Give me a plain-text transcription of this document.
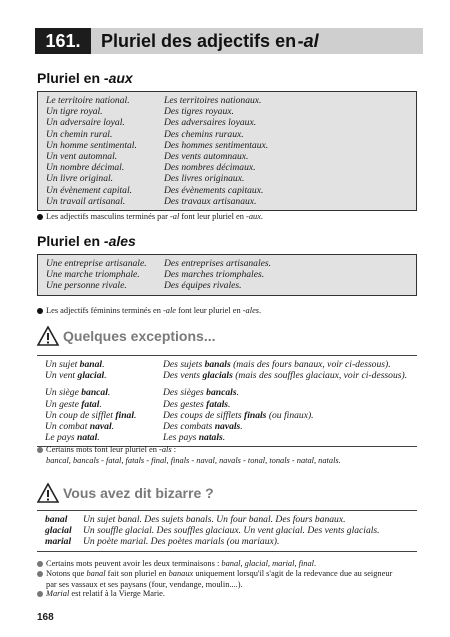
161.	Pluriel des adjectifs en
  -al
Pluriel en -aux
Le territoire national.	Les territoires nationaux.
Un tigre royal.	Des tigres royaux.
Un adversaire loyal.	Des adversaires loyaux.
Un chemin rural.	Des chemins ruraux.
Un homme sentimental.	Des hommes sentimentaux.
Un vent automnal.	Des vents automnaux.
Un nombre décimal.	Des nombres décimaux.
Un livre original.	Des livres originaux.
Un évènement capital.	Des évènements capitaux.
Un travail artisanal.	Des travaux artisanaux.
Les adjectifs masculins terminés par -al font leur pluriel en -aux.
Pluriel en -ales
Une entreprise artisanale.	Des entreprises artisanales.
Une marche triomphale.	Des marches triomphales.
Une personne rivale.	Des équipes rivales.
Les adjectifs féminins terminés en -ale font leur pluriel en -ales.
Quelques exceptions...
Un sujet banal.	Des sujets banals (mais des fours banaux, voir ci-dessous).
Un vent glacial.	Des vents glacials (mais des souffles glaciaux, voir ci-dessous).
Un siège bancal.	Des sièges bancals.
Un geste fatal.	Des gestes fatals.
Un coup de sifflet final.	Des coups de sifflets finals (ou finaux).
Un combat naval.	Des combats navals.
Le pays natal.	Les pays natals.
Certains mots font leur pluriel en -als :
bancal, bancals - fatal, fatals - final, finals - naval, navals - tonal, tonals - natal, natals.
Vous avez dit bizarre ?
banal	Un sujet banal. Des sujets banals. Un four banal. Des fours banaux.
glacial	Un souffle glacial. Des souffles glaciaux. Un vent glacial. Des vents glacials.
marial	Un poète marial. Des poètes marials (ou mariaux).
Certains mots peuvent avoir les deux terminaisons : banal, glacial, marial, final.
Notons que banal fait son pluriel en banaux uniquement lorsqu'il s'agit de la redevance due au seigneur
par ses vassaux et ses paysans (four, vendange, moulin....).
Marial est relatif à la Vierge Marie.
168
